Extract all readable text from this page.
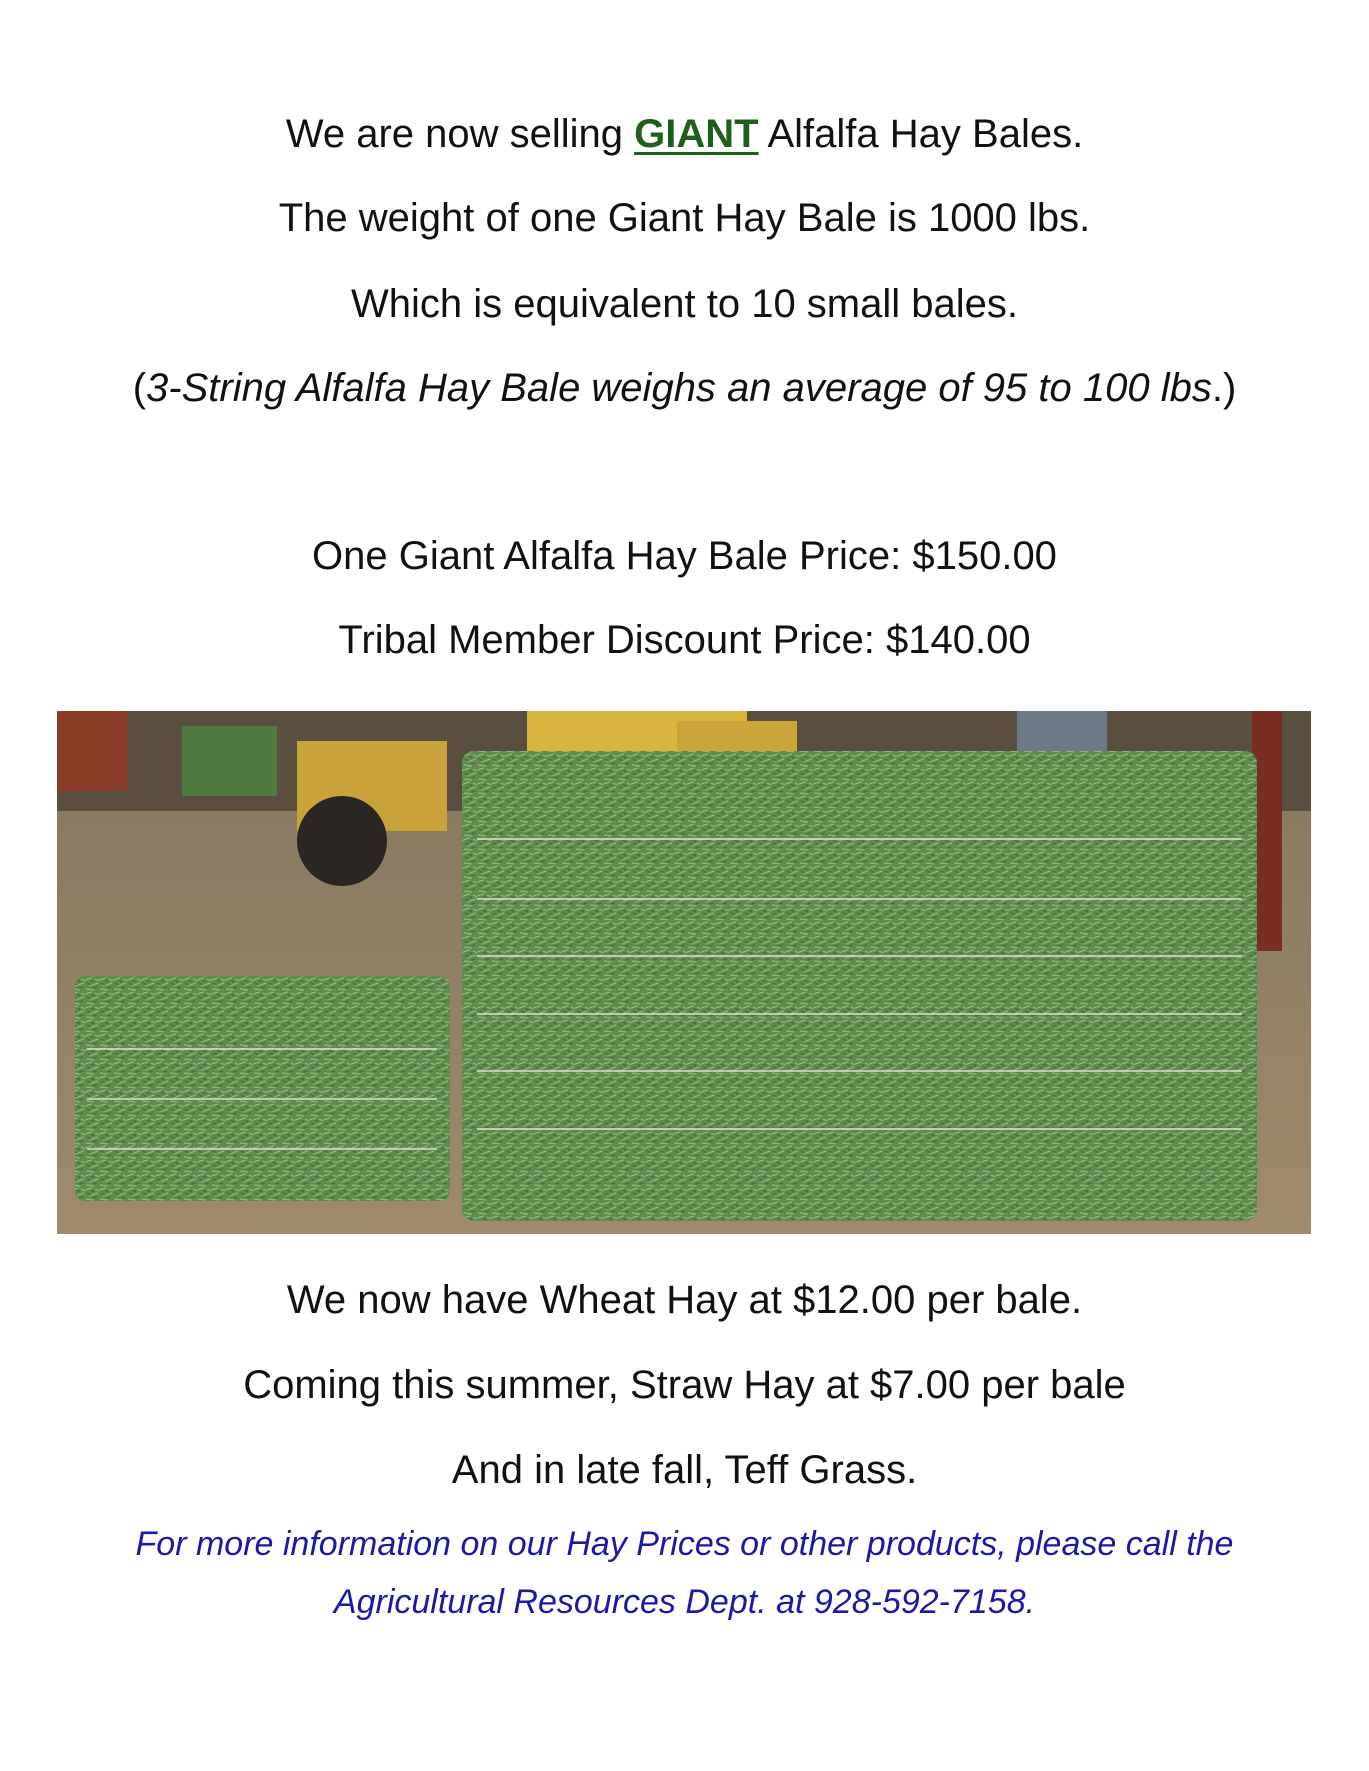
We are now selling GIANT Alfalfa Hay Bales.
The weight of one Giant Hay Bale is 1000 lbs.
Which is equivalent to 10 small bales.
(3-String Alfalfa Hay Bale weighs an average of 95 to 100 lbs.)
One Giant Alfalfa Hay Bale Price: $150.00
Tribal Member Discount Price: $140.00
We now have Wheat Hay at $12.00 per bale.
Coming this summer, Straw Hay at $7.00 per bale
And in late fall, Teff Grass.
For more information on our Hay Prices or other products, please call the
Agricultural Resources Dept. at 928-592-7158.
